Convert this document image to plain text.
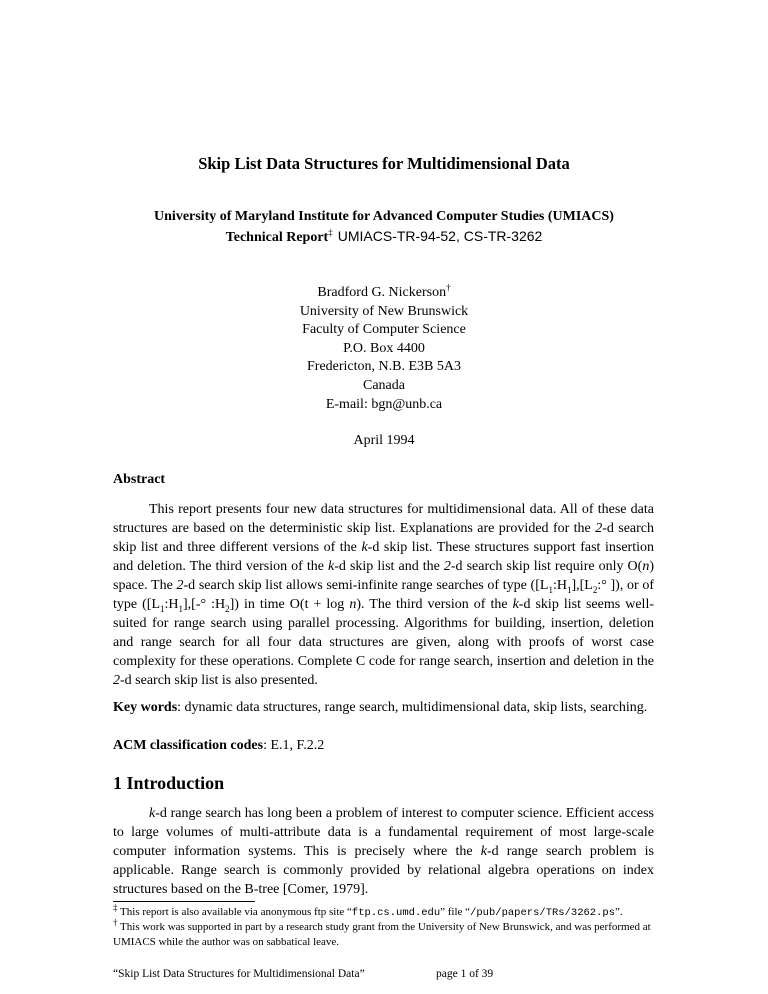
Skip List Data Structures for Multidimensional Data
University of Maryland Institute for Advanced Computer Studies (UMIACS)
Technical Report‡ UMIACS-TR-94-52, CS-TR-3262
Bradford G. Nickerson†
University of New Brunswick
Faculty of Computer Science
P.O. Box 4400
Fredericton, N.B. E3B 5A3
Canada
E-mail: bgn@unb.ca
April 1994
Abstract
This report presents four new data structures for multidimensional data. All of these data structures are based on the deterministic skip list. Explanations are provided for the 2-d search skip list and three different versions of the k-d skip list. These structures support fast insertion and deletion. The third version of the k-d skip list and the 2-d search skip list require only O(n) space. The 2-d search skip list allows semi-infinite range searches of type ($[L_1:H_1],[L_2:^\circ$ ]), or of type ($[L_1:H_1],[-^\circ$ $:H_2$]) in time O(t + log n). The third version of the k-d skip list seems well-suited for range search using parallel processing. Algorithms for building, insertion, deletion and range search for all four data structures are given, along with proofs of worst case complexity for these operations. Complete C code for range search, insertion and deletion in the 2-d search skip list is also presented.
Key words: dynamic data structures, range search, multidimensional data, skip lists, searching.
ACM classification codes: E.1, F.2.2
1 Introduction
k-d range search has long been a problem of interest to computer science. Efficient access to large volumes of multi-attribute data is a fundamental requirement of most large-scale computer information systems. This is precisely where the k-d range search problem is applicable. Range search is commonly provided by relational algebra operations on index structures based on the B-tree [Comer, 1979].
‡ This report is also available via anonymous ftp site “ftp.cs.umd.edu” file “/pub/papers/TRs/3262.ps”.
† This work was supported in part by a research study grant from the University of New Brunswick, and was performed at UMIACS while the author was on sabbatical leave.
“Skip List Data Structures for Multidimensional Data”	page 1 of 39
